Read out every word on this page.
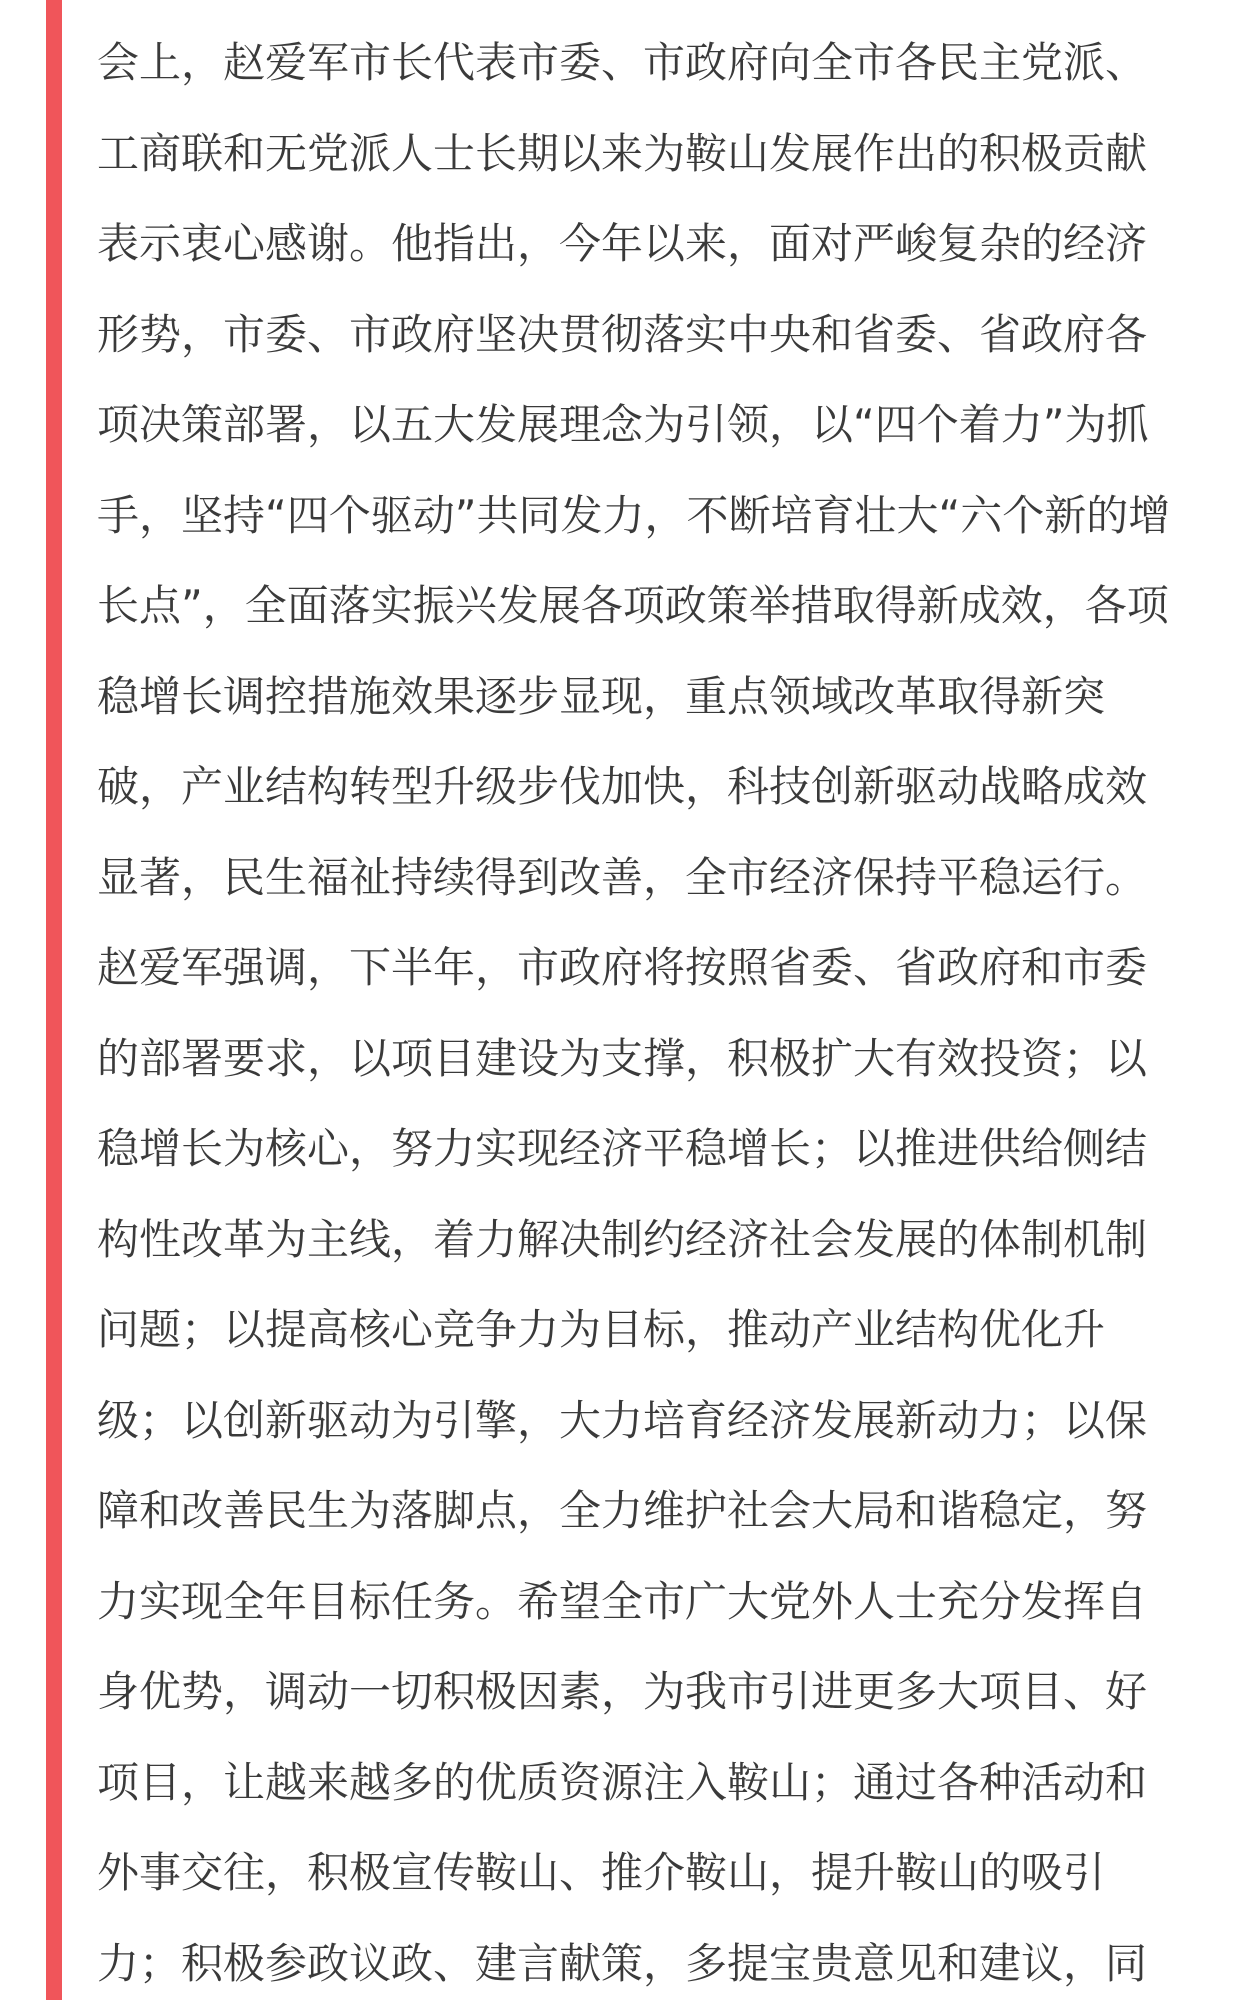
会上，赵爱军市长代表市委、市政府向全市各民主党派、
工商联和无党派人士长期以来为鞍山发展作出的积极贡献
表示衷心感谢。他指出，今年以来，面对严峻复杂的经济
形势，市委、市政府坚决贯彻落实中央和省委、省政府各
项决策部署，以五大发展理念为引领，以“四个着力”为抓
手，坚持“四个驱动”共同发力，不断培育壮大“六个新的增
长点”，全面落实振兴发展各项政策举措取得新成效，各项
稳增长调控措施效果逐步显现，重点领域改革取得新突
破，产业结构转型升级步伐加快，科技创新驱动战略成效
显著，民生福祉持续得到改善，全市经济保持平稳运行。
赵爱军强调，下半年，市政府将按照省委、省政府和市委
的部署要求，以项目建设为支撑，积极扩大有效投资；以
稳增长为核心，努力实现经济平稳增长；以推进供给侧结
构性改革为主线，着力解决制约经济社会发展的体制机制
问题；以提高核心竞争力为目标，推动产业结构优化升
级；以创新驱动为引擎，大力培育经济发展新动力；以保
障和改善民生为落脚点，全力维护社会大局和谐稳定，努
力实现全年目标任务。希望全市广大党外人士充分发挥自
身优势，调动一切积极因素，为我市引进更多大项目、好
项目，让越来越多的优质资源注入鞍山；通过各种活动和
外事交往，积极宣传鞍山、推介鞍山，提升鞍山的吸引
力；积极参政议政、建言献策，多提宝贵意见和建议，同
